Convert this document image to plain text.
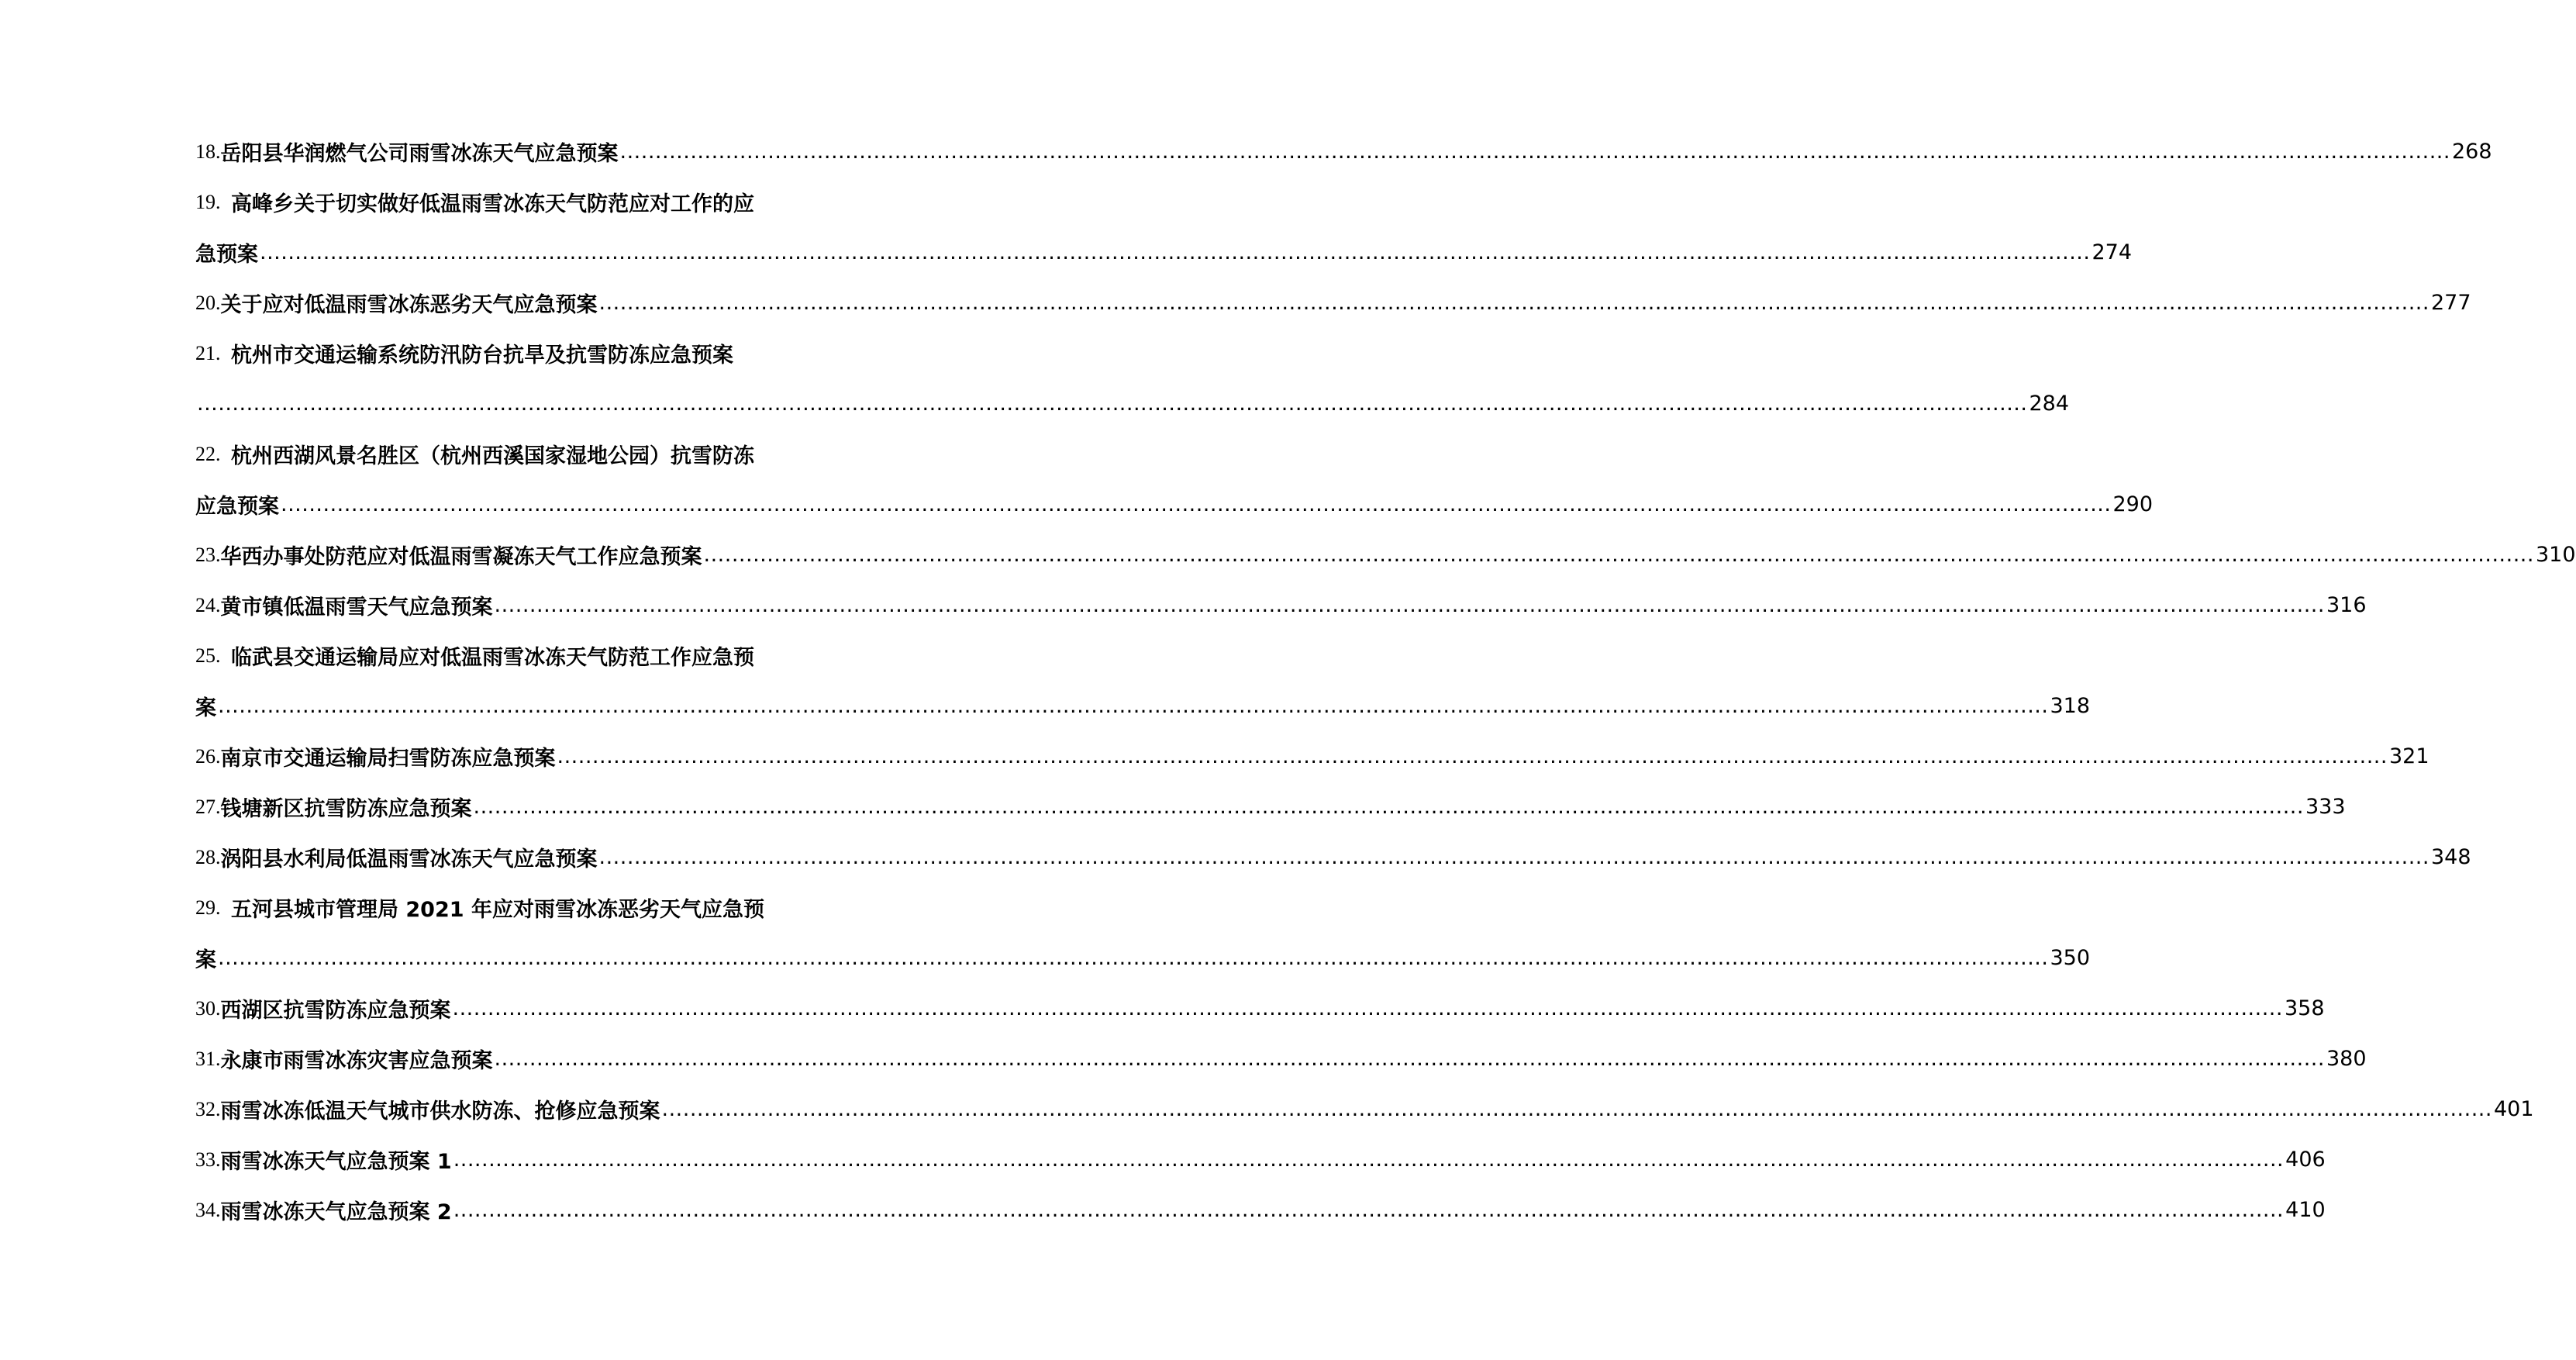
18. 岳阳县华润燃气公司雨雪冰冻天气应急预案 .................................................................................................................................................................................................................................................................... 268
19. 高峰乡关于切实做好低温雨雪冰冻天气防范应对工作的应
急预案 .................................................................................................................................................................................................................................................................... 274
20. 关于应对低温雨雪冰冻恶劣天气应急预案 .................................................................................................................................................................................................................................................................... 277
21. 杭州市交通运输系统防汛防台抗旱及抗雪防冻应急预案
.................................................................................................................................................................................................................................................................... 284
22. 杭州西湖风景名胜区（杭州西溪国家湿地公园）抗雪防冻
应急预案 .................................................................................................................................................................................................................................................................... 290
23. 华西办事处防范应对低温雨雪凝冻天气工作应急预案 .................................................................................................................................................................................................................................................................... 310
24. 黄市镇低温雨雪天气应急预案 .................................................................................................................................................................................................................................................................... 316
25. 临武县交通运输局应对低温雨雪冰冻天气防范工作应急预
案 .................................................................................................................................................................................................................................................................... 318
26. 南京市交通运输局扫雪防冻应急预案 .................................................................................................................................................................................................................................................................... 321
27. 钱塘新区抗雪防冻应急预案 .................................................................................................................................................................................................................................................................... 333
28. 涡阳县水利局低温雨雪冰冻天气应急预案 .................................................................................................................................................................................................................................................................... 348
29. 五河县城市管理局 2021 年应对雨雪冰冻恶劣天气应急预
案 .................................................................................................................................................................................................................................................................... 350
30. 西湖区抗雪防冻应急预案 .................................................................................................................................................................................................................................................................... 358
31. 永康市雨雪冰冻灾害应急预案 .................................................................................................................................................................................................................................................................... 380
32. 雨雪冰冻低温天气城市供水防冻、抢修应急预案 .................................................................................................................................................................................................................................................................... 401
33. 雨雪冰冻天气应急预案 1 .................................................................................................................................................................................................................................................................... 406
34. 雨雪冰冻天气应急预案 2 .................................................................................................................................................................................................................................................................... 410
